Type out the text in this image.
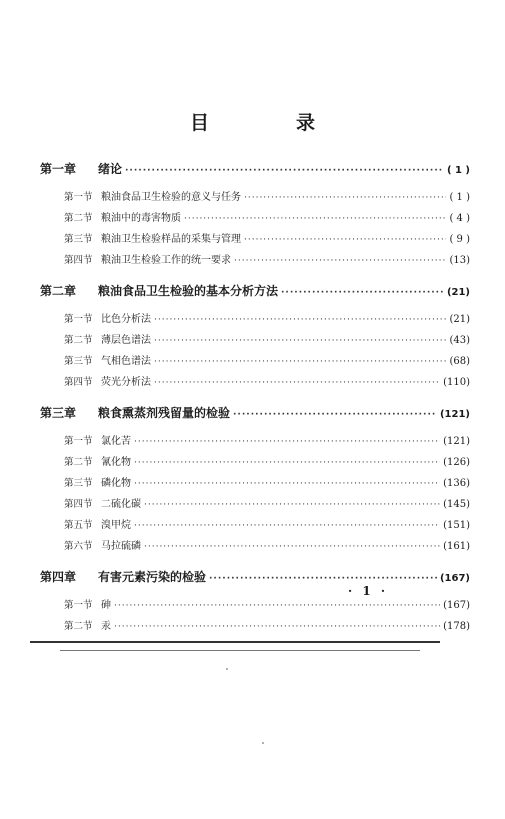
目　录
第一章	绪论 ·····	( 1 )
第一节 粮油食品卫生检验的意义与任务 ·····	( 1 )
第二节 粮油中的毒害物质 ·····	( 4 )
第三节 粮油卫生检验样品的采集与管理 ·····	( 9 )
第四节 粮油卫生检验工作的统一要求 ·····	(13)
第二章	粮油食品卫生检验的基本分析方法 ·····	(21)
第一节 比色分析法 ·····	(21)
第二节 薄层色谱法 ·····	(43)
第三节 气相色谱法 ·····	(68)
第四节 荧光分析法 ·····	(110)
第三章	粮食熏蒸剂残留量的检验 ·····	(121)
第一节 氯化苦 ·····	(121)
第二节 氰化物 ·····	(126)
第三节 磷化物 ·····	(136)
第四节 二硫化碳 ·····	(145)
第五节 溴甲烷 ·····	(151)
第六节 马拉硫磷 ·····	(161)
第四章	有害元素污染的检验 ·····	(167)
第一节 砷 ·····	(167)
第二节 汞 ·····	(178)
· 1 ·
